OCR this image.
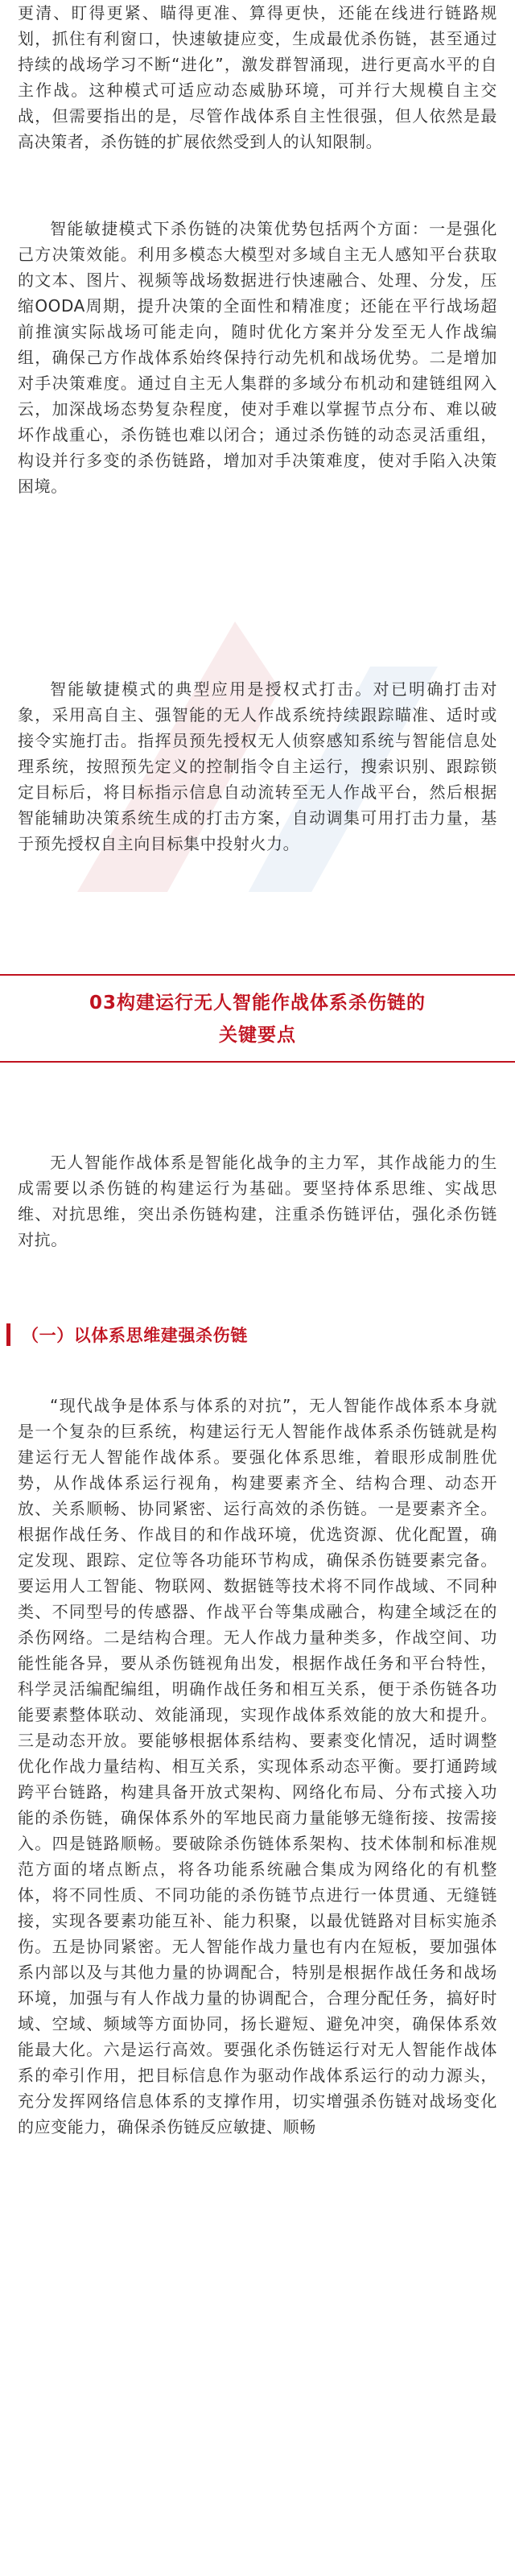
更清、盯得更紧、瞄得更准、算得更快，还能在线进行链路规划，抓住有利窗口，快速敏捷应变，生成最优杀伤链，甚至通过持续的战场学习不断“进化”，激发群智涌现，进行更高水平的自主作战。这种模式可适应动态威胁环境，可并行大规模自主交战，但需要指出的是，尽管作战体系自主性很强，但人依然是最高决策者，杀伤链的扩展依然受到人的认知限制。

智能敏捷模式下杀伤链的决策优势包括两个方面：一是强化己方决策效能。利用多模态大模型对多域自主无人感知平台获取的文本、图片、视频等战场数据进行快速融合、处理、分发，压缩OODA周期，提升决策的全面性和精准度；还能在平行战场超前推演实际战场可能走向，随时优化方案并分发至无人作战编组，确保己方作战体系始终保持行动先机和战场优势。二是增加对手决策难度。通过自主无人集群的多域分布机动和建链组网入云，加深战场态势复杂程度，使对手难以掌握节点分布、难以破坏作战重心，杀伤链也难以闭合；通过杀伤链的动态灵活重组，构设并行多变的杀伤链路，增加对手决策难度，使对手陷入决策困境。

智能敏捷模式的典型应用是授权式打击。对已明确打击对象，采用高自主、强智能的无人作战系统持续跟踪瞄准、适时或接令实施打击。指挥员预先授权无人侦察感知系统与智能信息处理系统，按照预先定义的控制指令自主运行，搜索识别、跟踪锁定目标后，将目标指示信息自动流转至无人作战平台，然后根据智能辅助决策系统生成的打击方案，自动调集可用打击力量，基于预先授权自主向目标集中投射火力。

03构建运行无人智能作战体系杀伤链的
关键要点

无人智能作战体系是智能化战争的主力军，其作战能力的生成需要以杀伤链的构建运行为基础。要坚持体系思维、实战思维、对抗思维，突出杀伤链构建，注重杀伤链评估，强化杀伤链对抗。

（一）以体系思维建强杀伤链

“现代战争是体系与体系的对抗”，无人智能作战体系本身就是一个复杂的巨系统，构建运行无人智能作战体系杀伤链就是构建运行无人智能作战体系。要强化体系思维，着眼形成制胜优势，从作战体系运行视角，构建要素齐全、结构合理、动态开放、关系顺畅、协同紧密、运行高效的杀伤链。一是要素齐全。根据作战任务、作战目的和作战环境，优选资源、优化配置，确定发现、跟踪、定位等各功能环节构成，确保杀伤链要素完备。要运用人工智能、物联网、数据链等技术将不同作战域、不同种类、不同型号的传感器、作战平台等集成融合，构建全域泛在的杀伤网络。二是结构合理。无人作战力量种类多，作战空间、功能性能各异，要从杀伤链视角出发，根据作战任务和平台特性，科学灵活编配编组，明确作战任务和相互关系，便于杀伤链各功能要素整体联动、效能涌现，实现作战体系效能的放大和提升。三是动态开放。要能够根据体系结构、要素变化情况，适时调整优化作战力量结构、相互关系，实现体系动态平衡。要打通跨域跨平台链路，构建具备开放式架构、网络化布局、分布式接入功能的杀伤链，确保体系外的军地民商力量能够无缝衔接、按需接入。四是链路顺畅。要破除杀伤链体系架构、技术体制和标准规范方面的堵点断点，将各功能系统融合集成为网络化的有机整体，将不同性质、不同功能的杀伤链节点进行一体贯通、无缝链接，实现各要素功能互补、能力积聚，以最优链路对目标实施杀伤。五是协同紧密。无人智能作战力量也有内在短板，要加强体系内部以及与其他力量的协调配合，特别是根据作战任务和战场环境，加强与有人作战力量的协调配合，合理分配任务，搞好时域、空域、频域等方面协同，扬长避短、避免冲突，确保体系效能最大化。六是运行高效。要强化杀伤链运行对无人智能作战体系的牵引作用，把目标信息作为驱动作战体系运行的动力源头，充分发挥网络信息体系的支撑作用，切实增强杀伤链对战场变化的应变能力，确保杀伤链反应敏捷、顺畅
